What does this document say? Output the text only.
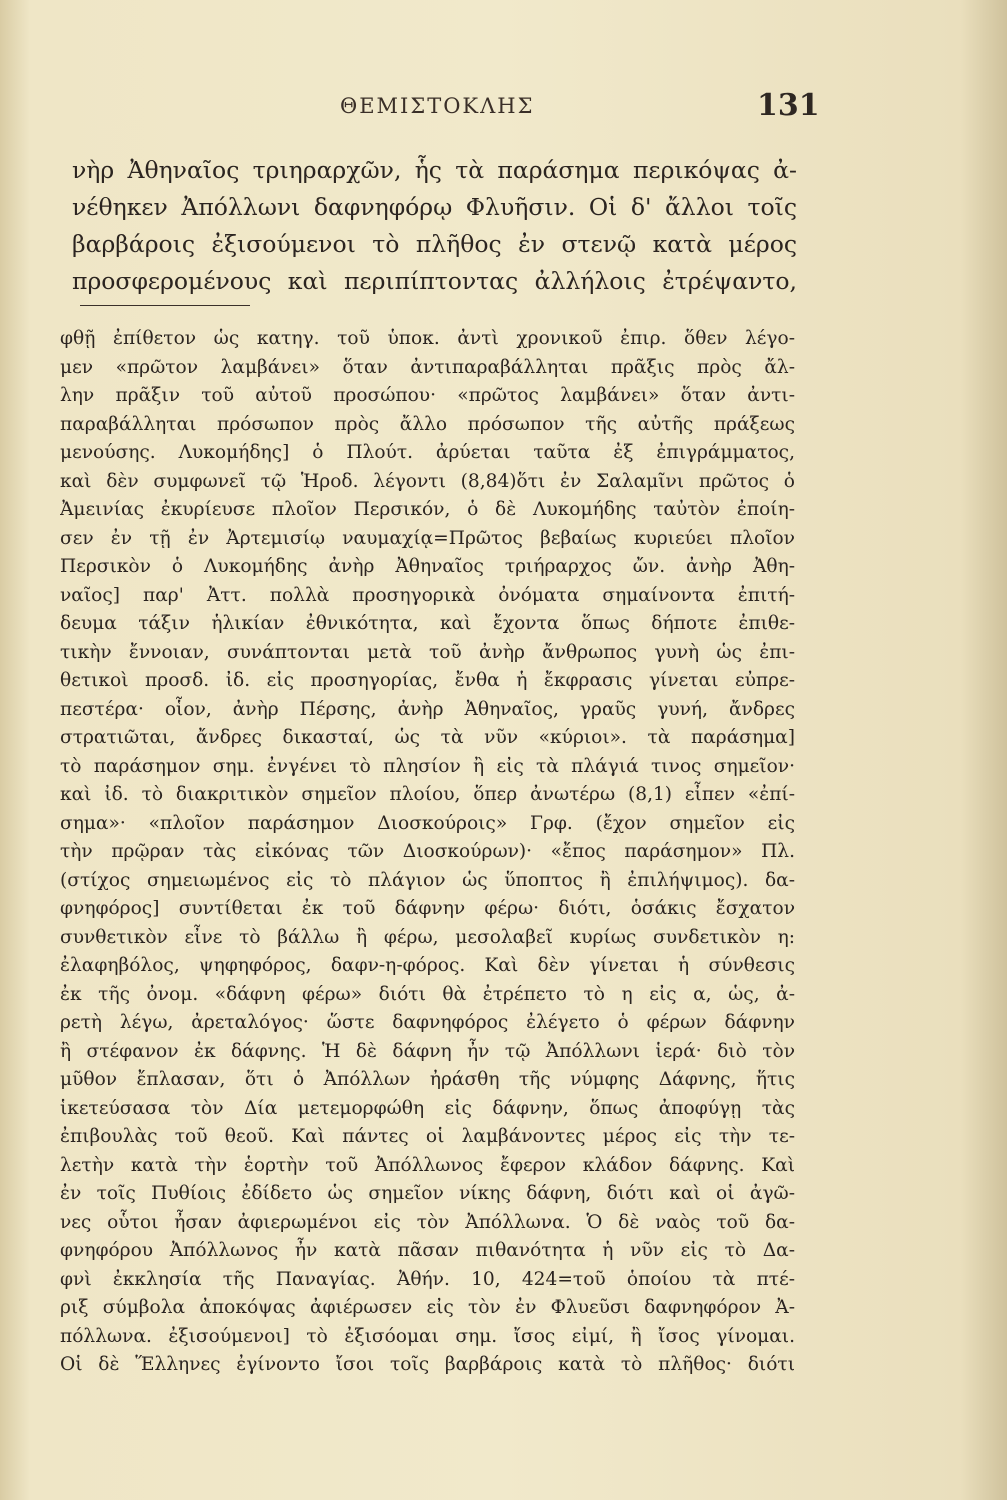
ΘΕΜΙΣΤΟΚΛΗΣ	131
νὴρ Ἀθηναῖος τριηραρχῶν, ἧς τὰ παράσημα περικόψας ἀ-
νέθηκεν Ἀπόλλωνι δαφνηφόρῳ Φλυῆσιν. Οἱ δ' ἄλλοι τοῖς
βαρβάροις ἐξισούμενοι τὸ πλῆθος ἐν στενῷ κατὰ μέρος
προσφερομένους καὶ περιπίπτοντας ἀλλήλοις ἐτρέψαντο,
φθῇ ἐπίθετον ὡς κατηγ. τοῦ ὑποκ. ἀντὶ χρονικοῦ ἐπιρ. ὅθεν λέγο-
μεν «πρῶτον λαμβάνει» ὅταν ἀντιπαραβάλληται πρᾶξις πρὸς ἄλ-
λην πρᾶξιν τοῦ αὐτοῦ προσώπου· «πρῶτος λαμβάνει» ὅταν ἀντι-
παραβάλληται πρόσωπον πρὸς ἄλλο πρόσωπον τῆς αὐτῆς πράξεως
μενούσης. Λυκομήδης] ὁ Πλούτ. ἀρύεται ταῦτα ἐξ ἐπιγράμματος,
καὶ δὲν συμφωνεῖ τῷ Ἡροδ. λέγοντι (8,84)ὅτι ἐν Σαλαμῖνι πρῶτος ὁ
Ἀμεινίας ἐκυρίευσε πλοῖον Περσικόν, ὁ δὲ Λυκομήδης ταὐτὸν ἐποίη-
σεν ἐν τῇ ἐν Ἀρτεμισίῳ ναυμαχίᾳ=Πρῶτος βεβαίως κυριεύει πλοῖον
Περσικὸν ὁ Λυκομήδης ἀνὴρ Ἀθηναῖος τριήραρχος ὤν. ἀνὴρ Ἀθη-
ναῖος] παρ' Ἀττ. πολλὰ προσηγορικὰ ὀνόματα σημαίνοντα ἐπιτή-
δευμα τάξιν ἡλικίαν ἐθνικότητα, καὶ ἔχοντα ὅπως δήποτε ἐπιθε-
τικὴν ἔννοιαν, συνάπτονται μετὰ τοῦ ἀνὴρ ἄνθρωπος γυνὴ ὡς ἐπι-
θετικοὶ προσδ. ἰδ. εἰς προσηγορίας, ἔνθα ἡ ἔκφρασις γίνεται εὐπρε-
πεστέρα· οἷον, ἀνὴρ Πέρσης, ἀνὴρ Ἀθηναῖος, γραῦς γυνή, ἄνδρες
στρατιῶται, ἄνδρες δικασταί, ὡς τὰ νῦν «κύριοι». τὰ παράσημα]
τὸ παράσημον σημ. ἐνγένει τὸ πλησίον ἢ εἰς τὰ πλάγιά τινος σημεῖον·
καὶ ἰδ. τὸ διακριτικὸν σημεῖον πλοίου, ὅπερ ἀνωτέρω (8,1) εἶπεν «ἐπί-
σημα»· «πλοῖον παράσημον Διοσκούροις» Γρφ. (ἔχον σημεῖον εἰς
τὴν πρῷραν τὰς εἰκόνας τῶν Διοσκούρων)· «ἔπος παράσημον» Πλ.
(στίχος σημειωμένος εἰς τὸ πλάγιον ὡς ὕποπτος ἢ ἐπιλήψιμος). δα-
φνηφόρος] συντίθεται ἐκ τοῦ δάφνην φέρω· διότι, ὁσάκις ἔσχατον
συνθετικὸν εἶνε τὸ βάλλω ἢ φέρω, μεσολαβεῖ κυρίως συνδετικὸν η:
ἐλαφηβόλος, ψηφηφόρος, δαφν-η-φόρος. Καὶ δὲν γίνεται ἡ σύνθεσις
ἐκ τῆς ὀνομ. «δάφνη φέρω» διότι θὰ ἐτρέπετο τὸ η εἰς α, ὡς, ἀ-
ρετὴ λέγω, ἀρεταλόγος· ὥστε δαφνηφόρος ἐλέγετο ὁ φέρων δάφνην
ἢ στέφανον ἐκ δάφνης. Ἡ δὲ δάφνη ἦν τῷ Ἀπόλλωνι ἱερά· διὸ τὸν
μῦθον ἔπλασαν, ὅτι ὁ Ἀπόλλων ἠράσθη τῆς νύμφης Δάφνης, ἥτις
ἱκετεύσασα τὸν Δία μετεμορφώθη εἰς δάφνην, ὅπως ἀποφύγῃ τὰς
ἐπιβουλὰς τοῦ θεοῦ. Καὶ πάντες οἱ λαμβάνοντες μέρος εἰς τὴν τε-
λετὴν κατὰ τὴν ἑορτὴν τοῦ Ἀπόλλωνος ἔφερον κλάδον δάφνης. Καὶ
ἐν τοῖς Πυθίοις ἐδίδετο ὡς σημεῖον νίκης δάφνη, διότι καὶ οἱ ἀγῶ-
νες οὗτοι ἦσαν ἀφιερωμένοι εἰς τὸν Ἀπόλλωνα. Ὁ δὲ ναὸς τοῦ δα-
φνηφόρου Ἀπόλλωνος ἦν κατὰ πᾶσαν πιθανότητα ἡ νῦν εἰς τὸ Δα-
φνὶ ἐκκλησία τῆς Παναγίας. Ἀθήν. 10, 424=τοῦ ὁποίου τὰ πτέ-
ριξ σύμβολα ἀποκόψας ἀφιέρωσεν εἰς τὸν ἐν Φλυεῦσι δαφνηφόρον Ἀ-
πόλλωνα. ἐξισούμενοι] τὸ ἐξισόομαι σημ. ἴσος εἰμί, ἢ ἴσος γίνομαι.
Οἱ δὲ Ἕλληνες ἐγίνοντο ἴσοι τοῖς βαρβάροις κατὰ τὸ πλῆθος· διότι
